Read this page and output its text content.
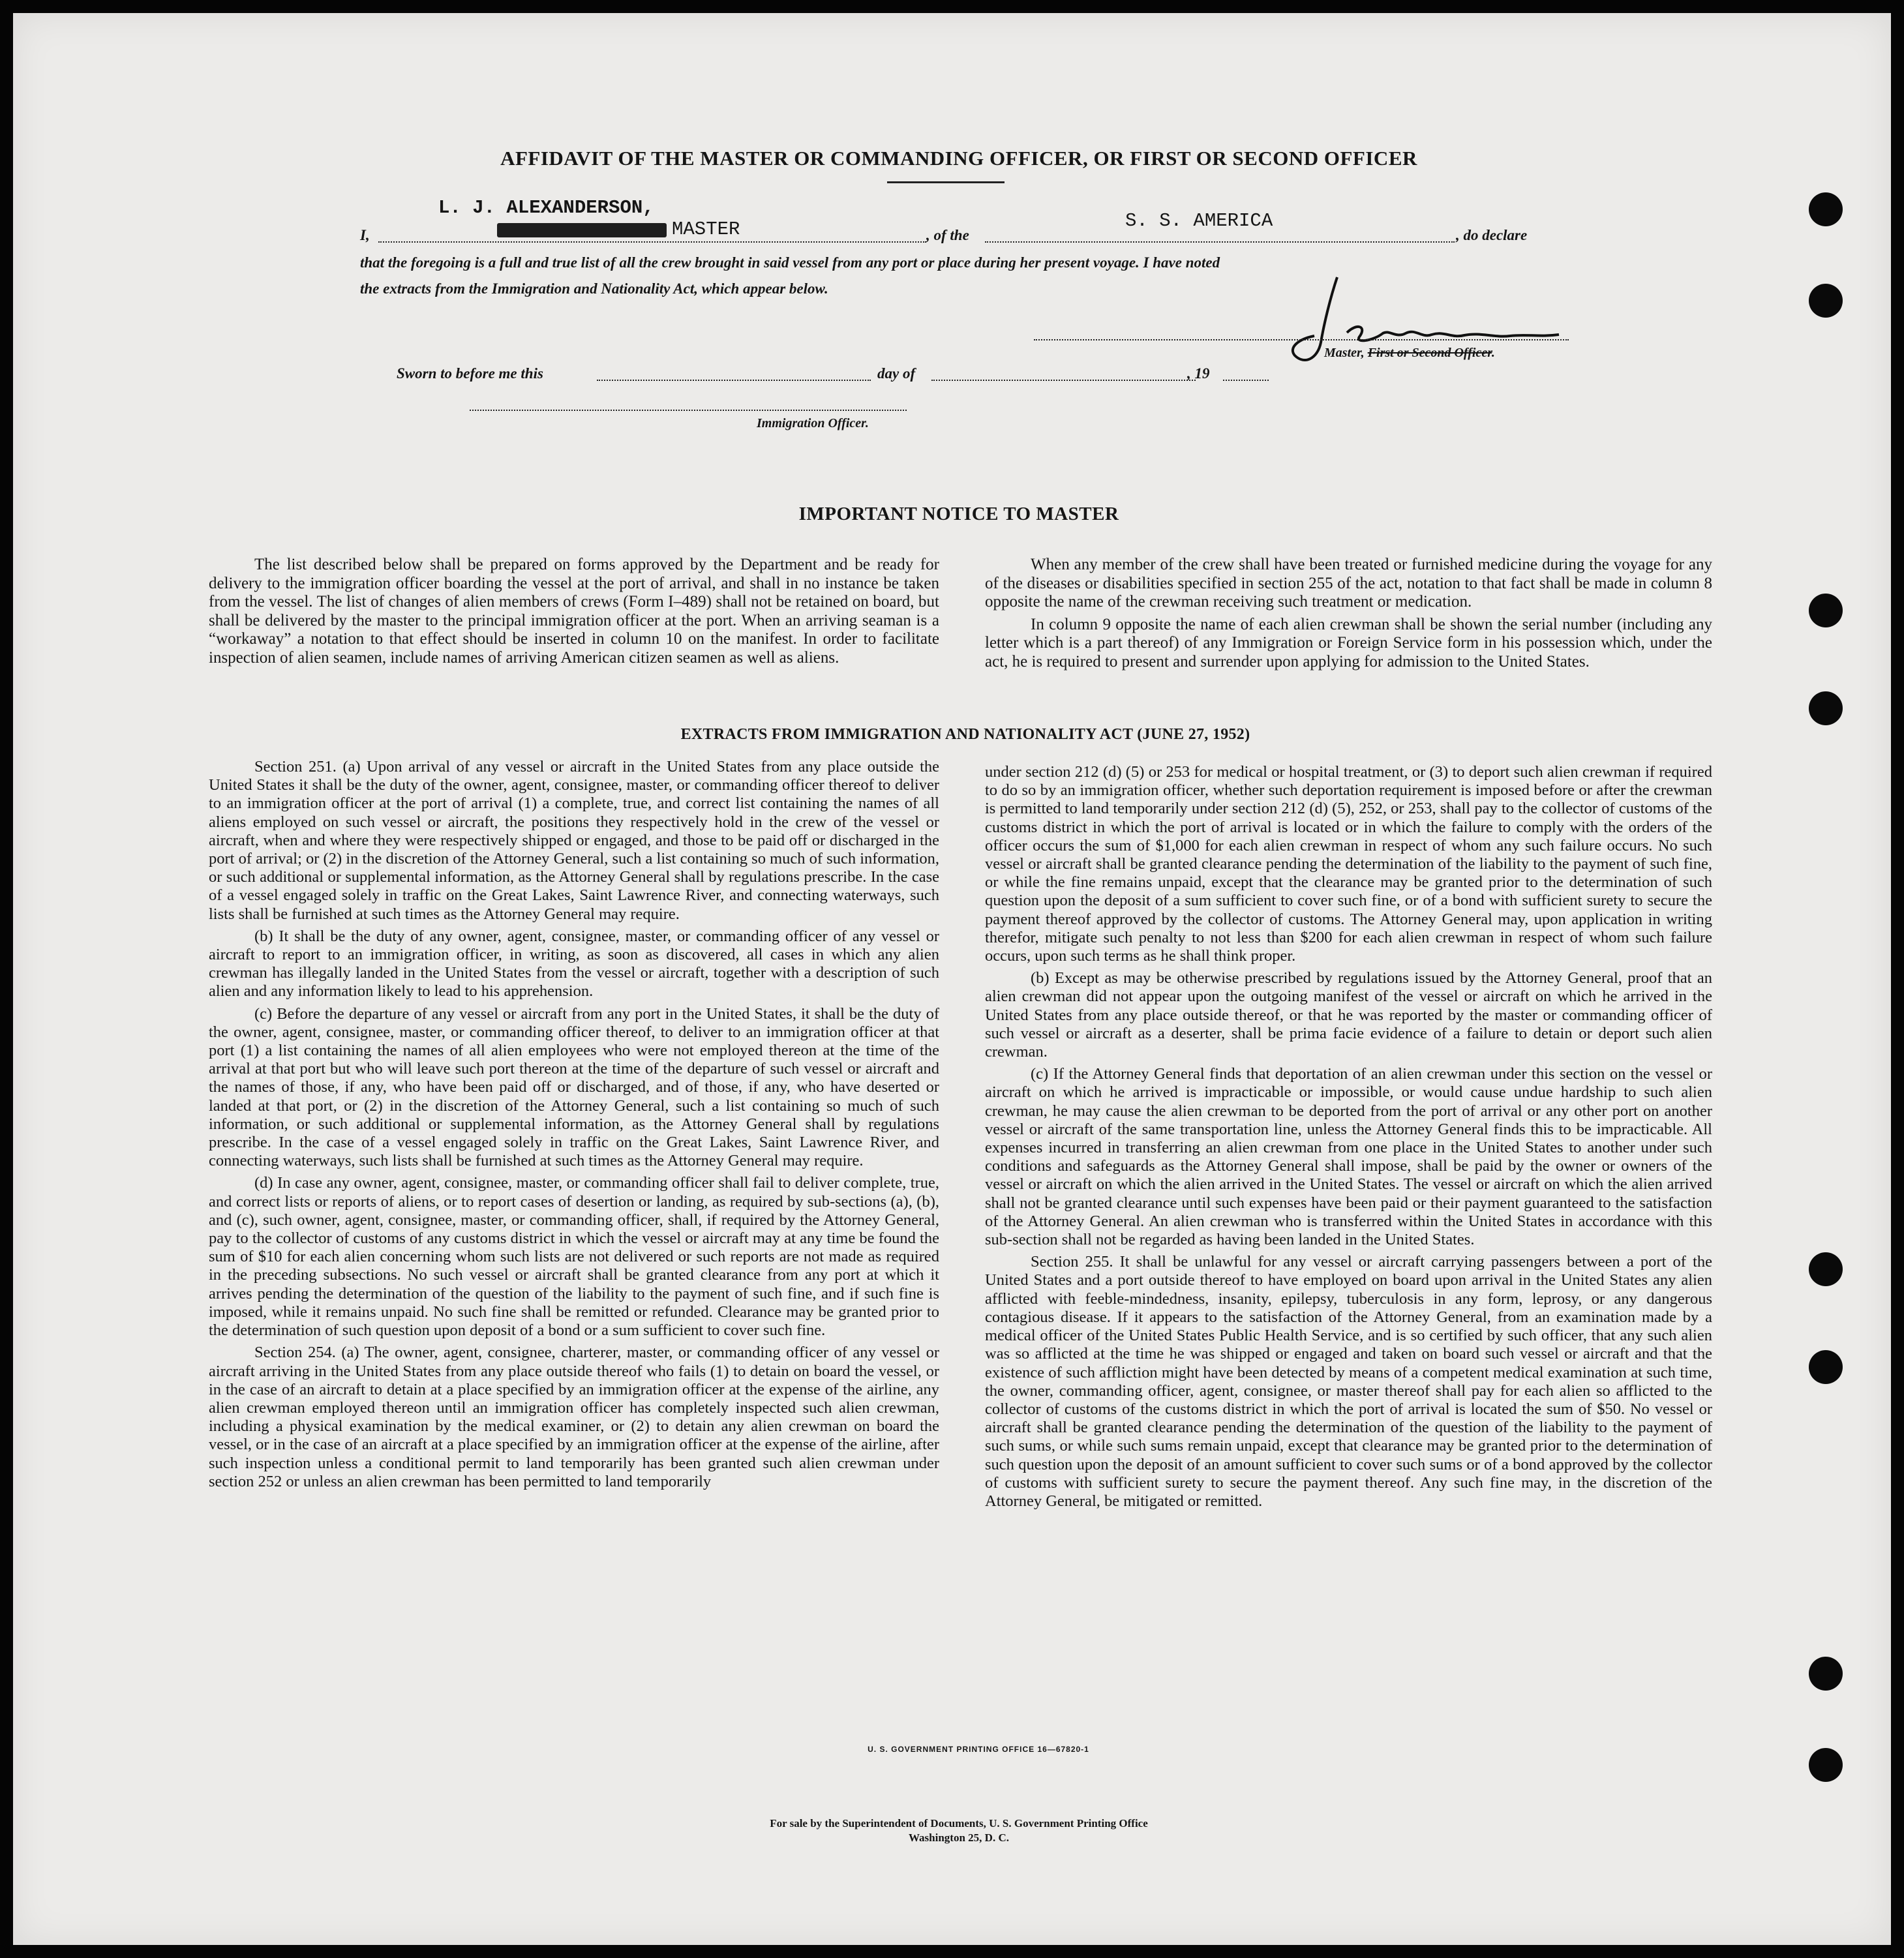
AFFIDAVIT OF THE MASTER OR COMMANDING OFFICER, OR FIRST OR SECOND OFFICER
L. J. ALEXANDERSON,
I,	MASTER	, of the
S. S. AMERICA
, do declare
that the foregoing is a full and true list of all the crew brought in said vessel from any port or place during her present voyage. I have noted
the extracts from the Immigration and Nationality Act, which appear below.
Master, First or Second Officer.
Sworn to before me this	day of	, 19
Immigration Officer.
IMPORTANT NOTICE TO MASTER

The list described below shall be prepared on forms approved by the Department and be ready for delivery to the immigration officer boarding the vessel at the port of arrival, and shall in no instance be taken from the vessel. The list of changes of alien members of crews (Form I–489) shall not be retained on board, but shall be delivered by the master to the principal immigration officer at the port. When an arriving seaman is a “workaway” a notation to that effect should be inserted in column 10 on the manifest. In order to facilitate inspection of alien seamen, include names of arriving American citizen seamen as well as aliens.

When any member of the crew shall have been treated or furnished medicine during the voyage for any of the diseases or disabilities specified in section 255 of the act, notation to that fact shall be made in column 8 opposite the name of the crewman receiving such treatment or medication.

In column 9 opposite the name of each alien crewman shall be shown the serial number (including any letter which is a part thereof) of any Immigration or Foreign Service form in his possession which, under the act, he is required to present and surrender upon applying for admission to the United States.

EXTRACTS FROM IMMIGRATION AND NATIONALITY ACT (JUNE 27, 1952)

Section 251. (a) Upon arrival of any vessel or aircraft in the United States from any place outside the United States it shall be the duty of the owner, agent, consignee, master, or commanding officer thereof to deliver to an immigration officer at the port of arrival (1) a complete, true, and correct list containing the names of all aliens employed on such vessel or aircraft, the positions they respectively hold in the crew of the vessel or aircraft, when and where they were respectively shipped or engaged, and those to be paid off or discharged in the port of arrival; or (2) in the discretion of the Attorney General, such a list containing so much of such information, or such additional or supplemental information, as the Attorney General shall by regulations prescribe. In the case of a vessel engaged solely in traffic on the Great Lakes, Saint Lawrence River, and connecting waterways, such lists shall be furnished at such times as the Attorney General may require.

(b) It shall be the duty of any owner, agent, consignee, master, or commanding officer of any vessel or aircraft to report to an immigration officer, in writing, as soon as discovered, all cases in which any alien crewman has illegally landed in the United States from the vessel or aircraft, together with a description of such alien and any information likely to lead to his apprehension.

(c) Before the departure of any vessel or aircraft from any port in the United States, it shall be the duty of the owner, agent, consignee, master, or commanding officer thereof, to deliver to an immigration officer at that port (1) a list containing the names of all alien employees who were not employed thereon at the time of the arrival at that port but who will leave such port thereon at the time of the departure of such vessel or aircraft and the names of those, if any, who have been paid off or discharged, and of those, if any, who have deserted or landed at that port, or (2) in the discretion of the Attorney General, such a list containing so much of such information, or such additional or supplemental information, as the Attorney General shall by regulations prescribe. In the case of a vessel engaged solely in traffic on the Great Lakes, Saint Lawrence River, and connecting waterways, such lists shall be furnished at such times as the Attorney General may require.

(d) In case any owner, agent, consignee, master, or commanding officer shall fail to deliver complete, true, and correct lists or reports of aliens, or to report cases of desertion or landing, as required by sub-sections (a), (b), and (c), such owner, agent, consignee, master, or commanding officer, shall, if required by the Attorney General, pay to the collector of customs of any customs district in which the vessel or aircraft may at any time be found the sum of $10 for each alien concerning whom such lists are not delivered or such reports are not made as required in the preceding subsections. No such vessel or aircraft shall be granted clearance from any port at which it arrives pending the determination of the question of the liability to the payment of such fine, and if such fine is imposed, while it remains unpaid. No such fine shall be remitted or refunded. Clearance may be granted prior to the determination of such question upon deposit of a bond or a sum sufficient to cover such fine.

Section 254. (a) The owner, agent, consignee, charterer, master, or commanding officer of any vessel or aircraft arriving in the United States from any place outside thereof who fails (1) to detain on board the vessel, or in the case of an aircraft to detain at a place specified by an immigration officer at the expense of the airline, any alien crewman employed thereon until an immigration officer has completely inspected such alien crewman, including a physical examination by the medical examiner, or (2) to detain any alien crewman on board the vessel, or in the case of an aircraft at a place specified by an immigration officer at the expense of the airline, after such inspection unless a conditional permit to land temporarily has been granted such alien crewman under section 252 or unless an alien crewman has been permitted to land temporarily

under section 212 (d) (5) or 253 for medical or hospital treatment, or (3) to deport such alien crewman if required to do so by an immigration officer, whether such deportation requirement is imposed before or after the crewman is permitted to land temporarily under section 212 (d) (5), 252, or 253, shall pay to the collector of customs of the customs district in which the port of arrival is located or in which the failure to comply with the orders of the officer occurs the sum of $1,000 for each alien crewman in respect of whom any such failure occurs. No such vessel or aircraft shall be granted clearance pending the determination of the liability to the payment of such fine, or while the fine remains unpaid, except that the clearance may be granted prior to the determination of such question upon the deposit of a sum sufficient to cover such fine, or of a bond with sufficient surety to secure the payment thereof approved by the collector of customs. The Attorney General may, upon application in writing therefor, mitigate such penalty to not less than $200 for each alien crewman in respect of whom such failure occurs, upon such terms as he shall think proper.

(b) Except as may be otherwise prescribed by regulations issued by the Attorney General, proof that an alien crewman did not appear upon the outgoing manifest of the vessel or aircraft on which he arrived in the United States from any place outside thereof, or that he was reported by the master or commanding officer of such vessel or aircraft as a deserter, shall be prima facie evidence of a failure to detain or deport such alien crewman.

(c) If the Attorney General finds that deportation of an alien crewman under this section on the vessel or aircraft on which he arrived is impracticable or impossible, or would cause undue hardship to such alien crewman, he may cause the alien crewman to be deported from the port of arrival or any other port on another vessel or aircraft of the same transportation line, unless the Attorney General finds this to be impracticable. All expenses incurred in transferring an alien crewman from one place in the United States to another under such conditions and safeguards as the Attorney General shall impose, shall be paid by the owner or owners of the vessel or aircraft on which the alien arrived in the United States. The vessel or aircraft on which the alien arrived shall not be granted clearance until such expenses have been paid or their payment guaranteed to the satisfaction of the Attorney General. An alien crewman who is transferred within the United States in accordance with this sub-section shall not be regarded as having been landed in the United States.

Section 255. It shall be unlawful for any vessel or aircraft carrying passengers between a port of the United States and a port outside thereof to have employed on board upon arrival in the United States any alien afflicted with feeble-mindedness, insanity, epilepsy, tuberculosis in any form, leprosy, or any dangerous contagious disease. If it appears to the satisfaction of the Attorney General, from an examination made by a medical officer of the United States Public Health Service, and is so certified by such officer, that any such alien was so afflicted at the time he was shipped or engaged and taken on board such vessel or aircraft and that the existence of such affliction might have been detected by means of a competent medical examination at such time, the owner, commanding officer, agent, consignee, or master thereof shall pay for each alien so afflicted to the collector of customs of the customs district in which the port of arrival is located the sum of $50. No vessel or aircraft shall be granted clearance pending the determination of the question of the liability to the payment of such sums, or while such sums remain unpaid, except that clearance may be granted prior to the determination of such question upon the deposit of an amount sufficient to cover such sums or of a bond approved by the collector of customs with sufficient surety to secure the payment thereof. Any such fine may, in the discretion of the Attorney General, be mitigated or remitted.

U. S. GOVERNMENT PRINTING OFFICE 16—67820-1
For sale by the Superintendent of Documents, U. S. Government Printing Office
Washington 25, D. C.
